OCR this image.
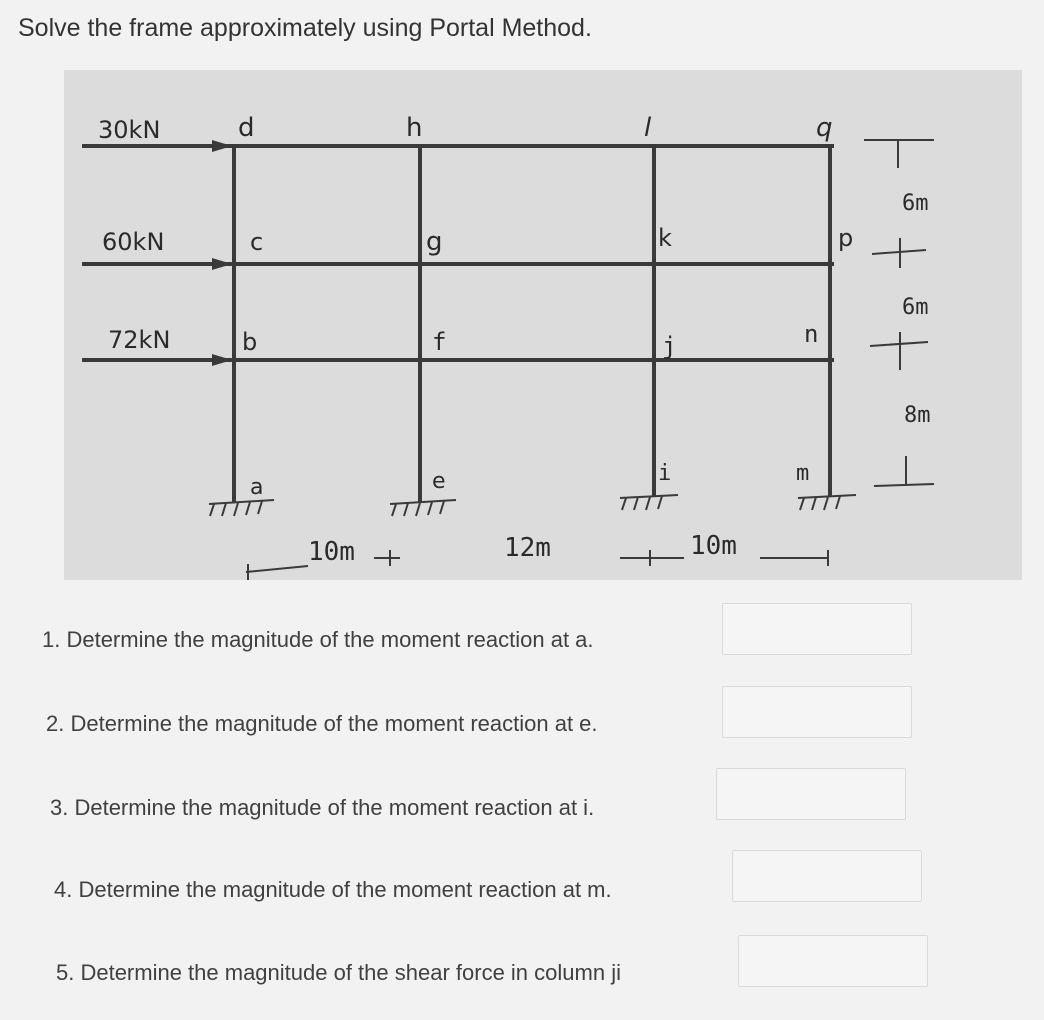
Solve the frame approximately using Portal Method.
30kN
60kN
72kN
d	h	l	q
c	g	k	p
b	f	j	n
a	e	i	m
10m	12m	10m
6m
6m
8m
1. Determine the magnitude of the moment reaction at a.
2. Determine the magnitude of the moment reaction at e.
3. Determine the magnitude of the moment reaction at i.
4. Determine the magnitude of the moment reaction at m.
5. Determine the magnitude of the shear force in column ji
